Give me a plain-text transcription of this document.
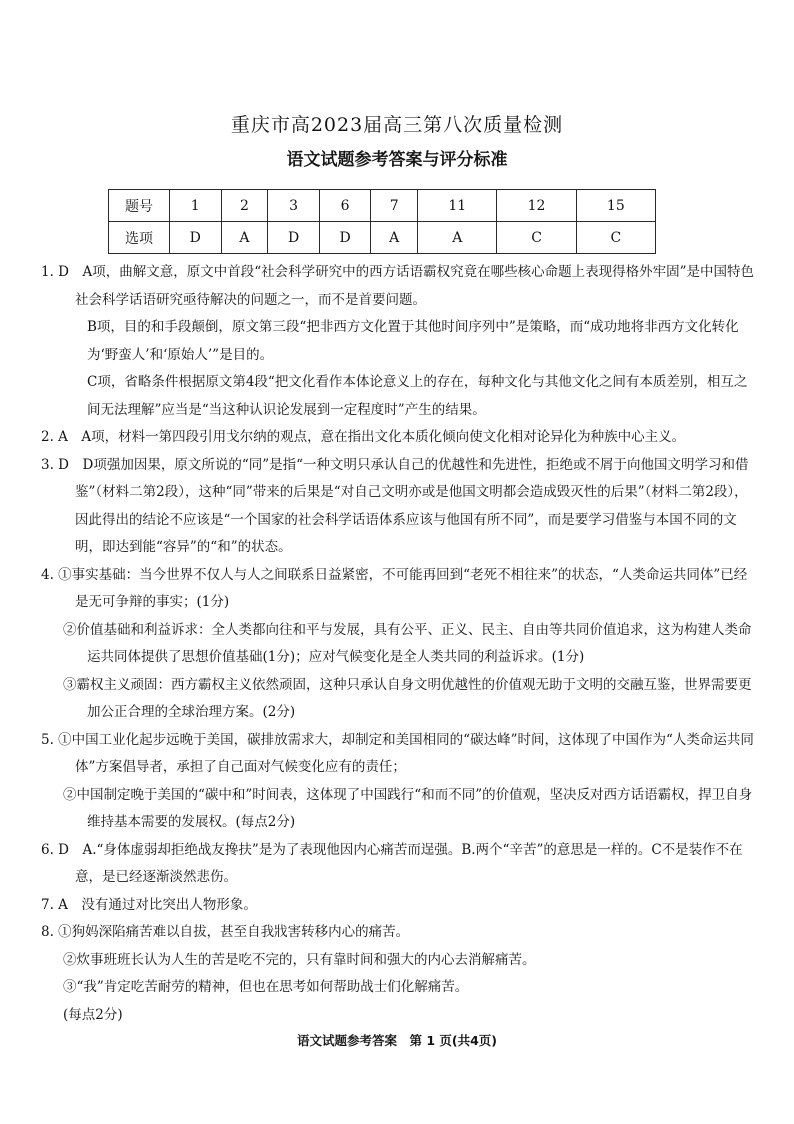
重庆市高2023届高三第八次质量检测
语文试题参考答案与评分标准
题号	1	2	3	6	7	11	12	15
选项	D	A	D	D	A	A	C	C
1. D　A项，曲解文意，原文中首段“社会科学研究中的西方话语霸权究竟在哪些核心命题上表现得格外牢固”是中国特色社会科学话语研究亟待解决的问题之一，而不是首要问题。
B项，目的和手段颠倒，原文第三段“把非西方文化置于其他时间序列中”是策略，而“成功地将非西方文化转化为‘野蛮人’和‘原始人’”是目的。
C项，省略条件根据原文第4段“把文化看作本体论意义上的存在，每种文化与其他文化之间有本质差别，相互之间无法理解”应当是“当这种认识论发展到一定程度时”产生的结果。
2. A　A项，材料一第四段引用戈尔纳的观点，意在指出文化本质化倾向使文化相对论异化为种族中心主义。
3. D　D项强加因果，原文所说的“同”是指“一种文明只承认自己的优越性和先进性，拒绝或不屑于向他国文明学习和借鉴”（材料二第2段），这种“同”带来的后果是“对自己文明亦或是他国文明都会造成毁灭性的后果”（材料二第2段），因此得出的结论不应该是“一个国家的社会科学话语体系应该与他国有所不同”，而是要学习借鉴与本国不同的文明，即达到能“容异”的“和”的状态。
4. ①事实基础：当今世界不仅人与人之间联系日益紧密，不可能再回到“老死不相往来”的状态，“人类命运共同体”已经是无可争辩的事实；(1分)
②价值基础和利益诉求：全人类都向往和平与发展，具有公平、正义、民主、自由等共同价值追求，这为构建人类命运共同体提供了思想价值基础(1分)；应对气候变化是全人类共同的利益诉求。(1分)
③霸权主义顽固：西方霸权主义依然顽固，这种只承认自身文明优越性的价值观无助于文明的交融互鉴，世界需要更加公正合理的全球治理方案。(2分)
5. ①中国工业化起步远晚于美国，碳排放需求大，却制定和美国相同的“碳达峰”时间，这体现了中国作为“人类命运共同体”方案倡导者，承担了自己面对气候变化应有的责任；
②中国制定晚于美国的“碳中和”时间表，这体现了中国践行“和而不同”的价值观，坚决反对西方话语霸权，捍卫自身维持基本需要的发展权。(每点2分)
6. D　A.“身体虚弱却拒绝战友搀扶”是为了表现他因内心痛苦而逞强。B.两个“辛苦”的意思是一样的。C不是装作不在意，是已经逐渐淡然悲伤。
7. A　没有通过对比突出人物形象。
8. ①狗妈深陷痛苦难以自拔，甚至自我戕害转移内心的痛苦。
②炊事班班长认为人生的苦是吃不完的，只有靠时间和强大的内心去消解痛苦。
③“我”肯定吃苦耐劳的精神，但也在思考如何帮助战士们化解痛苦。
(每点2分)
语文试题参考答案　第 1 页(共4页)
